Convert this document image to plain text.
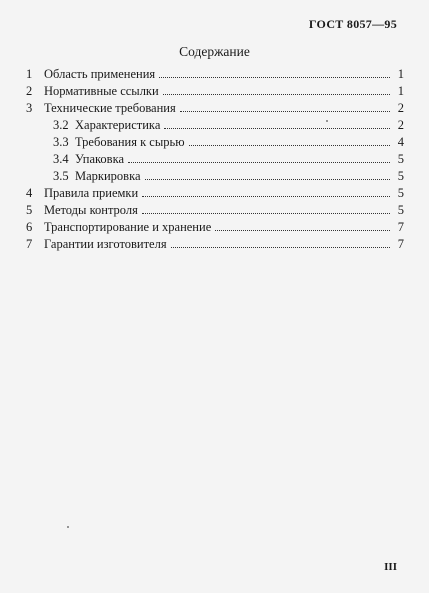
ГОСТ 8057—95
Содержание
1 Область применения	1
2 Нормативные ссылки	1
3 Технические требования	2
3.2 Характеристика	2
3.3 Требования к сырью	4
3.4 Упаковка	5
3.5 Маркировка	5
4 Правила приемки	5
5 Методы контроля	5
6 Транспортирование и хранение	7
7 Гарантии изготовителя	7
III
